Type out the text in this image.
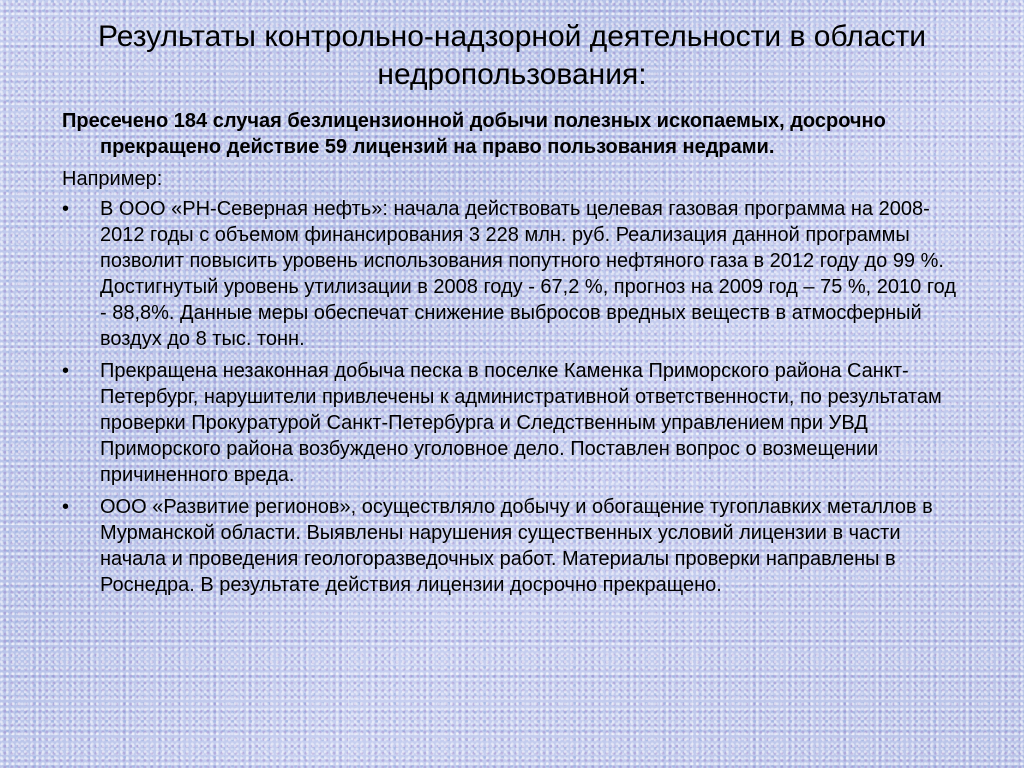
Результаты контрольно-надзорной деятельности в области недропользования:

Пресечено 184 случая безлицензионной добычи полезных ископаемых, досрочно прекращено действие 59 лицензий на право пользования недрами.

Например:

• В ООО «РН-Северная нефть»: начала действовать целевая газовая программа на 2008-2012 годы с объемом финансирования 3 228 млн. руб. Реализация данной программы позволит повысить уровень использования попутного нефтяного газа в 2012 году до 99 %. Достигнутый уровень утилизации в 2008 году - 67,2 %, прогноз на 2009 год – 75 %, 2010 год - 88,8%. Данные меры обеспечат снижение выбросов вредных веществ в атмосферный воздух до 8 тыс. тонн.
• Прекращена незаконная добыча песка в поселке Каменка Приморского района Санкт-Петербург, нарушители привлечены к административной ответственности, по результатам проверки Прокуратурой Санкт-Петербурга и Следственным управлением при УВД Приморского района возбуждено уголовное дело. Поставлен вопрос о возмещении причиненного вреда.
• ООО «Развитие регионов», осуществляло добычу и обогащение тугоплавких металлов в Мурманской области. Выявлены нарушения существенных условий лицензии в части начала и проведения геологоразведочных работ. Материалы проверки направлены в Роснедра. В результате действия лицензии досрочно прекращено.
